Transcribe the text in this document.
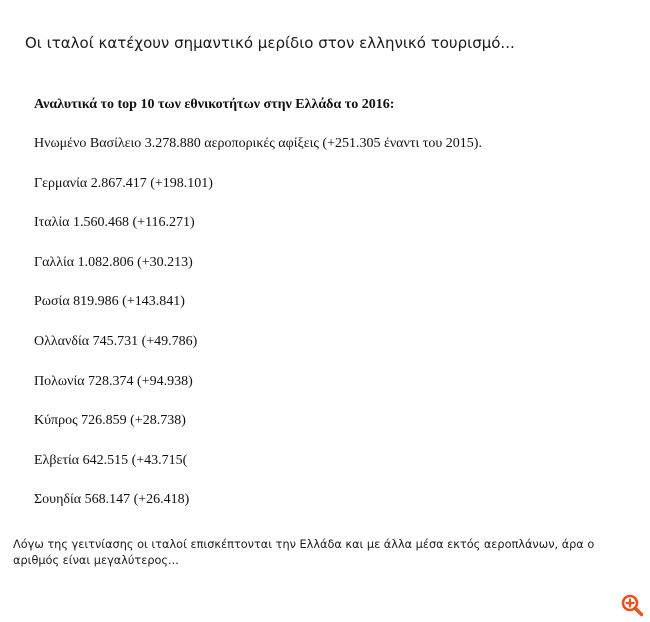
Οι ιταλοί κατέχουν σημαντικό μερίδιο στον ελληνικό τουρισμό...
Αναλυτικά το top 10 των εθνικοτήτων στην Ελλάδα το 2016:
Ηνωμένο Βασίλειο 3.278.880 αεροπορικές αφίξεις (+251.305 έναντι του 2015).
Γερμανία 2.867.417 (+198.101)
Ιταλία 1.560.468 (+116.271)
Γαλλία 1.082.806 (+30.213)
Ρωσία 819.986 (+143.841)
Ολλανδία 745.731 (+49.786)
Πολωνία 728.374 (+94.938)
Κύπρος 726.859 (+28.738)
Ελβετία 642.515 (+43.715(
Σουηδία 568.147 (+26.418)
Λόγω της γειτνίασης οι ιταλοί επισκέπτονται την Ελλάδα και με άλλα μέσα εκτός αεροπλάνων, άρα ο αριθμός είναι μεγαλύτερος...
